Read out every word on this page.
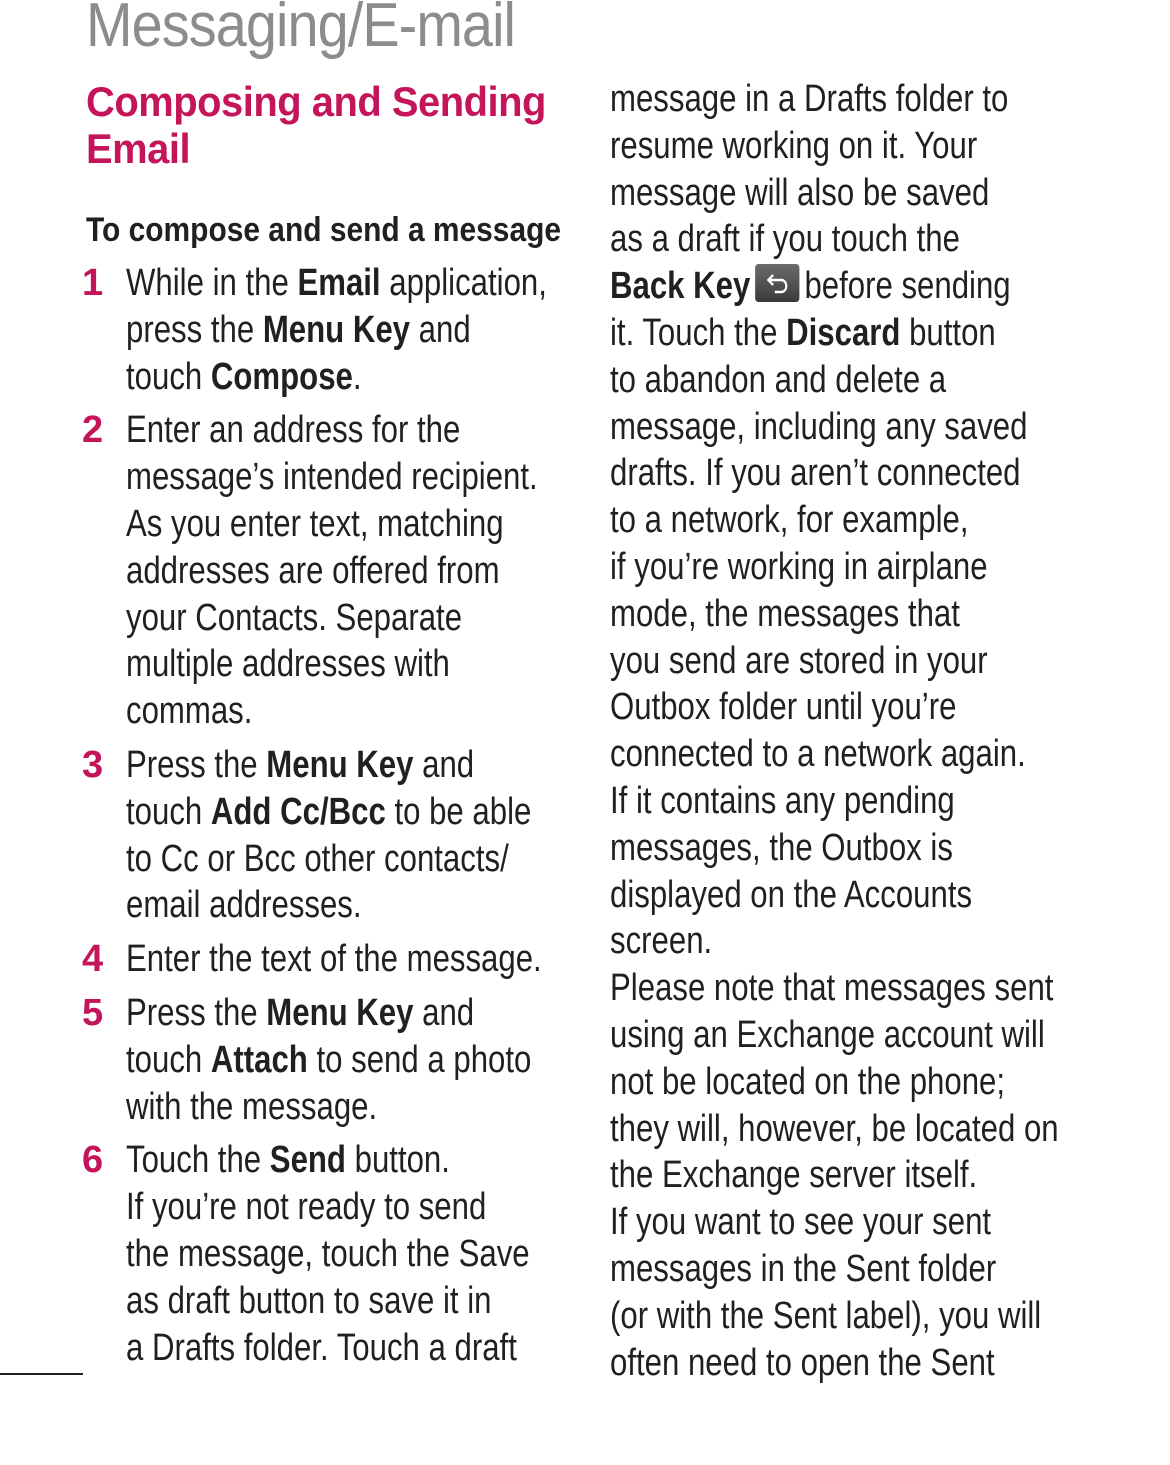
Messaging/E-mail
Composing and Sending Email
To compose and send a message
1 While in the Email application,
press the Menu Key and
touch Compose.
2 Enter an address for the
message’s intended recipient.
As you enter text, matching
addresses are offered from
your Contacts. Separate
multiple addresses with
commas.
3 Press the Menu Key and
touch Add Cc/Bcc to be able
to Cc or Bcc other contacts/
email addresses.
4 Enter the text of the message.
5 Press the Menu Key and
touch Attach to send a photo
with the message.
6 Touch the Send button.
If you’re not ready to send
the message, touch the Save
as draft button to save it in
a Drafts folder. Touch a draft
message in a Drafts folder to
resume working on it. Your
message will also be saved
as a draft if you touch the
Back Key before sending
it. Touch the Discard button
to abandon and delete a
message, including any saved
drafts. If you aren’t connected
to a network, for example,
if you’re working in airplane
mode, the messages that
you send are stored in your
Outbox folder until you’re
connected to a network again.
If it contains any pending
messages, the Outbox is
displayed on the Accounts
screen.
Please note that messages sent
using an Exchange account will
not be located on the phone;
they will, however, be located on
the Exchange server itself.
If you want to see your sent
messages in the Sent folder
(or with the Sent label), you will
often need to open the Sent
